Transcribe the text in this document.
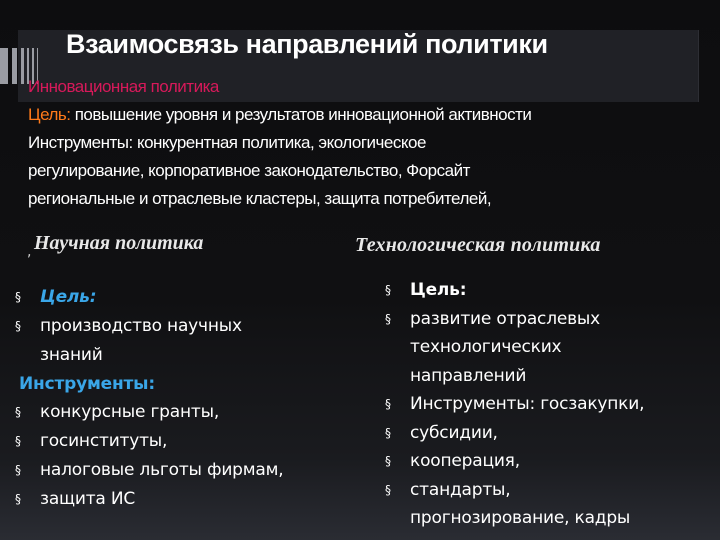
Взаимосвязь направлений политики
Инновационная политика
Цель: повышение уровня и результатов инновационной активности
Инструменты: конкурентная политика, экологическое
регулирование, корпоративное законодательство, Форсайт
региональные и отраслевые кластеры, защита потребителей,
, Научная политика	Технологическая политика
§ Цель:
§ производство научных
знаний
Инструменты:
§ конкурсные гранты,
§ госинституты,
§ налоговые льготы фирмам,
§ защита ИС
§ Цель:
§ развитие отраслевых
технологических
направлений
§ Инструменты: госзакупки,
§ субсидии,
§ кооперация,
§ стандарты,
прогнозирование, кадры
